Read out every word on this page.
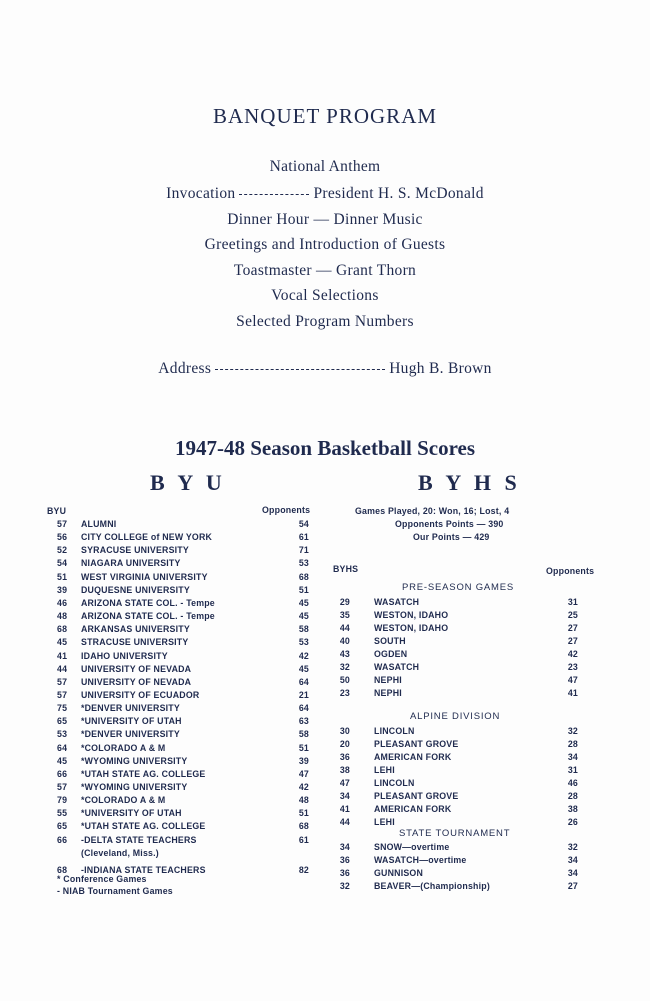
BANQUET PROGRAM
National Anthem
Invocation	President H. S. McDonald
Dinner Hour — Dinner Music
Greetings and Introduction of Guests
Toastmaster — Grant Thorn
Vocal Selections
Selected Program Numbers
Address	Hugh B. Brown
1947-48 Season Basketball Scores
B Y U	B Y H S
BYU	Opponents
57	ALUMNI	54
56	CITY COLLEGE of NEW YORK	61
52	SYRACUSE UNIVERSITY	71
54	NIAGARA UNIVERSITY	53
51	WEST VIRGINIA UNIVERSITY	68
39	DUQUESNE UNIVERSITY	51
46	ARIZONA STATE COL. - Tempe	45
48	ARIZONA STATE COL. - Tempe	45
68	ARKANSAS UNIVERSITY	58
45	STRACUSE UNIVERSITY	53
41	IDAHO UNIVERSITY	42
44	UNIVERSITY OF NEVADA	45
57	UNIVERSITY OF NEVADA	64
57	UNIVERSITY OF ECUADOR	21
75	*DENVER UNIVERSITY	64
65	*UNIVERSITY OF UTAH	63
53	*DENVER UNIVERSITY	58
64	*COLORADO A & M	51
45	*WYOMING UNIVERSITY	39
66	*UTAH STATE AG. COLLEGE	47
57	*WYOMING UNIVERSITY	42
79	*COLORADO A & M	48
55	*UNIVERSITY OF UTAH	51
65	*UTAH STATE AG. COLLEGE	68
66	-DELTA STATE TEACHERS	61
(Cleveland, Miss.)
68	-INDIANA STATE TEACHERS	82
* Conference Games
- NIAB Tournament Games
Games Played, 20: Won, 16; Lost, 4
Opponents Points — 390
Our Points — 429
BYHS	Opponents
PRE-SEASON GAMES
29	WASATCH	31
35	WESTON, IDAHO	25
44	WESTON, IDAHO	27
40	SOUTH	27
43	OGDEN	42
32	WASATCH	23
50	NEPHI	47
23	NEPHI	41
ALPINE DIVISION
30	LINCOLN	32
20	PLEASANT GROVE	28
36	AMERICAN FORK	34
38	LEHI	31
47	LINCOLN	46
34	PLEASANT GROVE	28
41	AMERICAN FORK	38
44	LEHI	26
STATE TOURNAMENT
34	SNOW—overtime	32
36	WASATCH—overtime	34
36	GUNNISON	34
32	BEAVER—(Championship)	27
